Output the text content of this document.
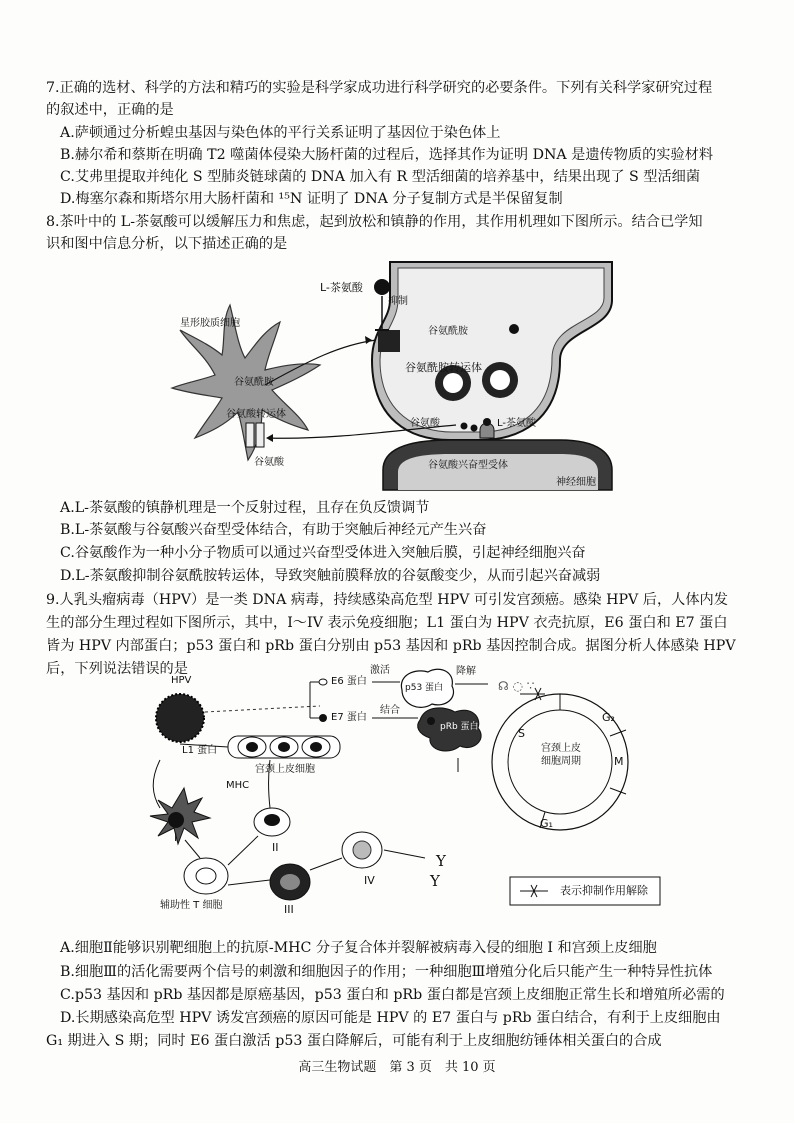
7.正确的选材、科学的方法和精巧的实验是科学家成功进行科学研究的必要条件。下列有关科学家研究过程
的叙述中，正确的是
A.萨顿通过分析蝗虫基因与染色体的平行关系证明了基因位于染色体上
B.赫尔希和蔡斯在明确 T2 噬菌体侵染大肠杆菌的过程后，选择其作为证明 DNA 是遗传物质的实验材料
C.艾弗里提取并纯化 S 型肺炎链球菌的 DNA 加入有 R 型活细菌的培养基中，结果出现了 S 型活细菌
D.梅塞尔森和斯塔尔用大肠杆菌和 ¹⁵N 证明了 DNA 分子复制方式是半保留复制
8.茶叶中的 L-茶氨酸可以缓解压力和焦虑，起到放松和镇静的作用，其作用机理如下图所示。结合已学知
识和图中信息分析，以下描述正确的是
L-茶氨酸
抑制
星形胶质细胞
谷氨酰胺
谷氨酰胺转运体
谷氨酰胺
谷氨酸转运体
谷氨酸
谷氨酸	L-茶氨酸
谷氨酸兴奋型受体
神经细胞
A.L-茶氨酸的镇静机理是一个反射过程，且存在负反馈调节
B.L-茶氨酸与谷氨酸兴奋型受体结合，有助于突触后神经元产生兴奋
C.谷氨酸作为一种小分子物质可以通过兴奋型受体进入突触后膜，引起神经细胞兴奋
D.L-茶氨酸抑制谷氨酰胺转运体，导致突触前膜释放的谷氨酸变少，从而引起兴奋减弱
9.人乳头瘤病毒（HPV）是一类 DNA 病毒，持续感染高危型 HPV 可引发宫颈癌。感染 HPV 后，人体内发
生的部分生理过程如下图所示，其中，I～IV 表示免疫细胞；L1 蛋白为 HPV 衣壳抗原，E6 蛋白和 E7 蛋白
皆为 HPV 内部蛋白；p53 蛋白和 pRb 蛋白分别由 p53 基因和 pRb 基因控制合成。据图分析人体感染 HPV
后，下列说法错误的是
☊ ◌ ∵
Y
Y
HPV	E6 蛋白
激活
p53 蛋白
降解
E7 蛋白
结合
pRb 蛋白
L1 蛋白
宫颈上皮细胞
MHC
宫颈上皮细胞周期
S
G₂
M
G₁
I
II
III
IV
辅助性 T 细胞
表示抑制作用解除
A.细胞Ⅱ能够识别靶细胞上的抗原-MHC 分子复合体并裂解被病毒入侵的细胞 I 和宫颈上皮细胞
B.细胞Ⅲ的活化需要两个信号的刺激和细胞因子的作用；一种细胞Ⅲ增殖分化后只能产生一种特异性抗体
C.p53 基因和 pRb 基因都是原癌基因，p53 蛋白和 pRb 蛋白都是宫颈上皮细胞正常生长和增殖所必需的
D.长期感染高危型 HPV 诱发宫颈癌的原因可能是 HPV 的 E7 蛋白与 pRb 蛋白结合，有利于上皮细胞由
G₁ 期进入 S 期；同时 E6 蛋白激活 p53 蛋白降解后，可能有利于上皮细胞纺锤体相关蛋白的合成
高三生物试题　第 3 页　共 10 页
